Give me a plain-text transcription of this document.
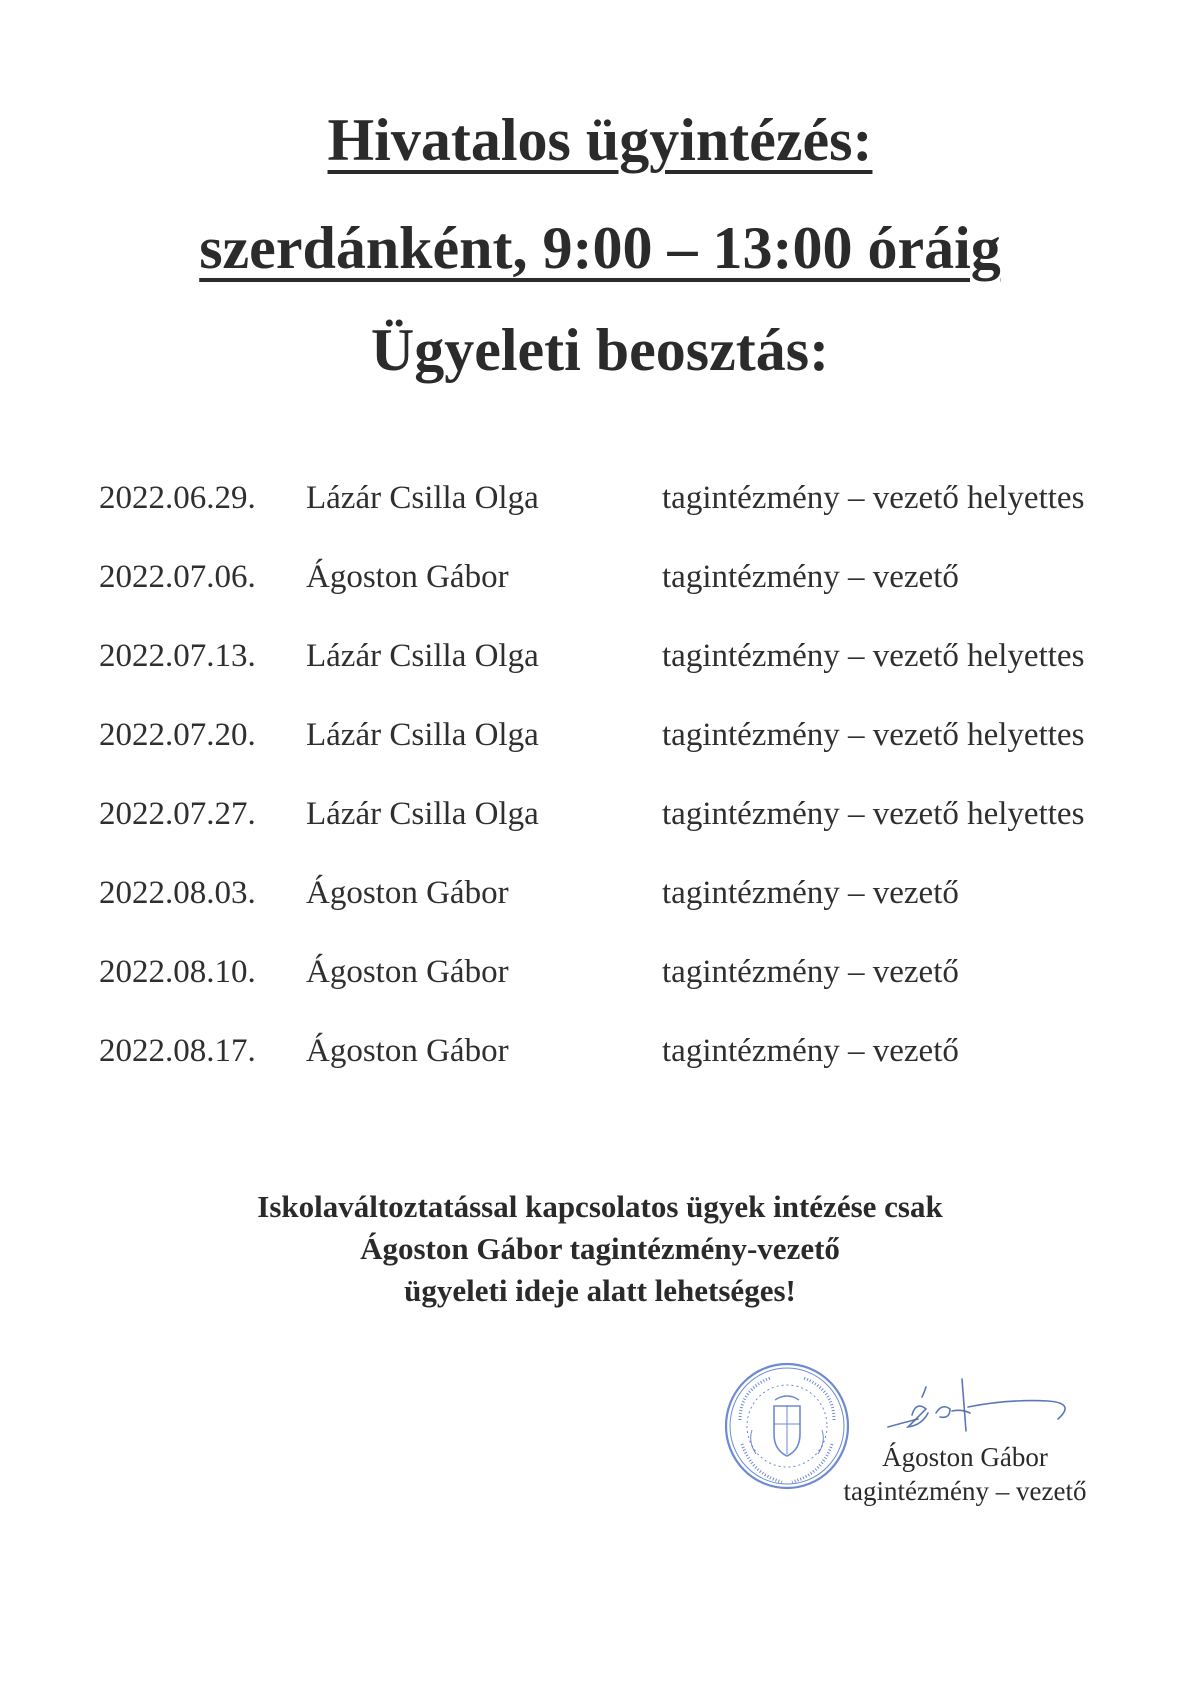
Hivatalos ügyintézés:
szerdánként, 9:00 – 13:00 óráig
Ügyeleti beosztás:
2022.06.29. Lázár Csilla Olga	tagintézmény – vezető helyettes
2022.07.06. Ágoston Gábor	tagintézmény – vezető
2022.07.13. Lázár Csilla Olga	tagintézmény – vezető helyettes
2022.07.20. Lázár Csilla Olga	tagintézmény – vezető helyettes
2022.07.27. Lázár Csilla Olga	tagintézmény – vezető helyettes
2022.08.03. Ágoston Gábor	tagintézmény – vezető
2022.08.10. Ágoston Gábor	tagintézmény – vezető
2022.08.17. Ágoston Gábor	tagintézmény – vezető
Iskolaváltoztatással kapcsolatos ügyek intézése csak
Ágoston Gábor tagintézmény-vezető
ügyeleti ideje alatt lehetséges!
Ágoston Gábor
tagintézmény – vezető
